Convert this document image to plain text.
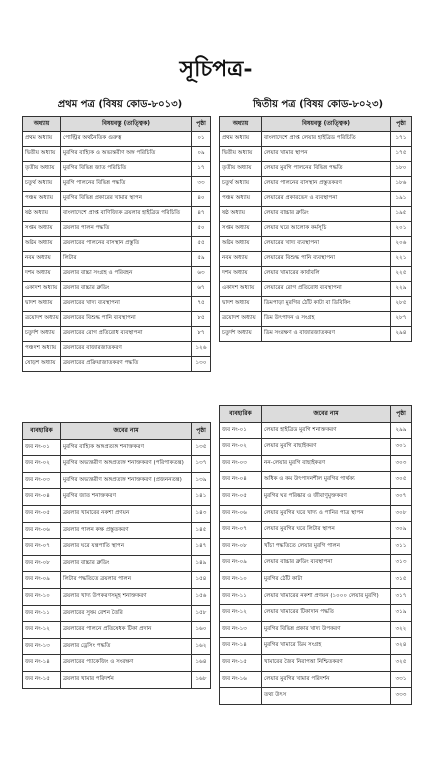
সূচিপত্র-
প্রথম পত্র (বিষয় কোড-৮০১৩)	দ্বিতীয় পত্র (বিষয় কোড-৮০২৩)
অধ্যায়	বিষয়বস্তু (তাত্ত্বিক)	পৃষ্ঠা
প্রথম অধ্যায়	পোল্ট্রির অর্থনৈতিক গুরুত্ব	০১
দ্বিতীয় অধ্যায়	মুরগির বাহ্যিক ও অভ্যন্তরীণ অঙ্গ পরিচিতি	০৯
তৃতীয় অধ্যায়	মুরগির বিভিন্ন জাত পরিচিতি	১৭
চতুর্থ অধ্যায়	মুরগি পালনের বিভিন্ন পদ্ধতি	৩৩
পঞ্চম অধ্যায়	মুরগির বিভিন্ন প্রকারের খামার স্থাপন	৪০
ষষ্ঠ অধ্যায়	বাংলাদেশে প্রাপ্ত বাণিজ্যিক ব্রয়লার হাইব্রিড পরিচিতি	৪৭
সপ্তম অধ্যায়	ব্রয়লার পালন পদ্ধতি	৫০
অষ্টম অধ্যায়	ব্রয়লারের পালনের বাসস্থান প্রস্তুতি	৫৫
নবম অধ্যায়	লিটার	৫৯
দশম অধ্যায়	ব্রয়লার বাচ্চা সংগ্রহ ও পরিবহন	৬৩
একাদশ অধ্যায়	ব্রয়লার বাচ্চার ব্রুডিং	৬৭
দ্বাদশ অধ্যায়	ব্রয়লারের খাদ্য ব্যবস্থাপনা	৭৫
ত্রয়োদশ অধ্যায়	ব্রয়লারের বিশুদ্ধ পানি ব্যবস্থাপনা	৮৫
চতুর্দশ অধ্যায়	ব্রয়লারের রোগ প্রতিরোধ ব্যবস্থাপনা	৮৭
পঞ্চদশ অধ্যায়	ব্রয়লারের বাজারজাতকরণ	১২৬
ষোড়শ অধ্যায়	ব্রয়লারের প্রক্রিয়াজাতকরণ পদ্ধতি	১৩০
অধ্যায়	বিষয়বস্তু (তাত্ত্বিক)	পৃষ্ঠা
প্রথম অধ্যায়	বাংলাদেশে প্রাপ্ত লেয়ার হাইব্রিড পরিচিতি	১৭১
দ্বিতীয় অধ্যায়	লেয়ার খামার স্থাপন	১৭৫
তৃতীয় অধ্যায়	লেয়ার মুরগি পালনের বিভিন্ন পদ্ধতি	১৮০
চতুর্থ অধ্যায়	লেয়ার পালনের বাসস্থান প্রস্তুতকরণ	১৮৬
পঞ্চম অধ্যায়	লেয়ারের প্রকারভেদ ও ব্যবস্থাপনা	১৯১
ষষ্ঠ অধ্যায়	লেয়ার বাচ্চার ব্রুডিং	১৯৫
সপ্তম অধ্যায়	লেয়ার ঘরে আলোক কর্মসূচি	২০১
অষ্টম অধ্যায়	লেয়ারের খাদ্য ব্যবস্থাপনা	২০৬
নবম অধ্যায়	লেয়ারের বিশুদ্ধ পানি ব্যবস্থাপনা	২২১
দশম অধ্যায়	লেয়ার খামারের কার্যাবলি	২২৫
একাদশ অধ্যায়	লেয়ারের রোগ প্রতিরোধ ব্যবস্থাপনা	২২৯
দ্বাদশ অধ্যায়	ডিমপাড়া মুরগির ঠোঁট কাটা বা ডিবিকিং	২৮৫
ত্রয়োদশ অধ্যায়	ডিম উৎপাদন ও সংগ্রহ	২৮৭
চতুর্দশ অধ্যায়	ডিম সংরক্ষণ ও বাজারজাতকরণ	২৯৪
ব্যবহারিক	জবের নাম	পৃষ্ঠা
জব নং-০১	মুরগির বাহ্যিক অঙ্গপ্রত্যঙ্গ শনাক্তকরণ	১৩৫
জব নং-০২	মুরগির অভ্যন্তরীণ অঙ্গপ্রত্যঙ্গ শনাক্তকরণ (পরিপাকতন্ত্র)	১৩৭
জব নং-০৩	মুরগির অভ্যন্তরীণ অঙ্গপ্রত্যঙ্গ শনাক্তকরণ (প্রজননতন্ত্র)	১৩৯
জব নং-০৪	মুরগির জাত শনাক্তকরণ	১৪১
জব নং-০৫	ব্রয়লার খামারের নকশা প্রণয়ন	১৪৩
জব নং-০৬	ব্রয়লার পালন কক্ষ প্রস্তুতকরণ	১৪৫
জব নং-০৭	ব্রয়লার ঘরে যন্ত্রপাতি স্থাপন	১৪৭
জব নং-০৮	ব্রয়লার বাচ্চার ব্রুডিং	১৪৯
জব নং-০৯	লিটার পদ্ধতিতে ব্রয়লার পালন	১৫৪
জব নং-১০	ব্রয়লার খাদ্য উপকরণসমূহ শনাক্তকরণ	১৫৬
জব নং-১১	ব্রয়লারের সুষম রেশন তৈরি	১৫৮
জব নং-১২	ব্রয়লারের পালনে প্রতিষেধক টিকা প্রদান	১৬০
জব নং-১৩	ব্রয়লার ড্রেসিং পদ্ধতি	১৬২
জব নং-১৪	ব্রয়লারের প্যাকেজিং ও সংরক্ষণ	১৬৪
জব নং-১৫	ব্রয়লার খামার পরিদর্শন	১৬৮
ব্যবহারিক	জবের নাম	পৃষ্ঠা
জব নং-০১	লেয়ার হাইব্রিড মুরগি শনাক্তকরণ	২৯৯
জব নং-০২	লেয়ার মুরগি বাছাইকরণ	৩০১
জব নং-০৩	নন-লেয়ার মুরগি বাছাইকরণ	৩০৩
জব নং-০৪	অধিক ও কম উৎপাদনশীল মুরগির পার্থক্য	৩০৫
জব নং-০৫	মুরগির ঘর পরিষ্কার ও জীবাণুমুক্তকরণ	৩০৭
জব নং-০৬	লেয়ার মুরগির ঘরে খাদ্য ও পানির পাত্র স্থাপন	৩০৮
জব নং-০৭	লেয়ার মুরগির ঘরে লিটার স্থাপন	৩০৯
জব নং-০৮	খাঁচা পদ্ধতিতে লেয়ার মুরগি পালন	৩১১
জব নং-০৯	লেয়ার বাচ্চার ব্রুডিং ব্যবস্থাপনা	৩১৩
জব নং-১০	মুরগির ঠোঁট কাটা	৩১৫
জব নং-১১	লেয়ার খামারের নকশা প্রণয়ন (১০০০ লেয়ার মুরগি)	৩১৭
জব নং-১২	লেয়ার খামারের টিকাদান পদ্ধতি	৩১৯
জব নং-১৩	মুরগির বিভিন্ন প্রকার খাদ্য উপকরণ	৩২২
জব নং-১৪	মুরগির খামারে ডিম সংগ্রহ	৩২৪
জব নং-১৫	খামারের জৈব নিরাপত্তা নিশ্চিতকরণ	৩২৫
জব নং-১৬	লেয়ার মুরগির খামার পরিদর্শন	৩৩১
	তথ্য উৎস	৩৩৩
